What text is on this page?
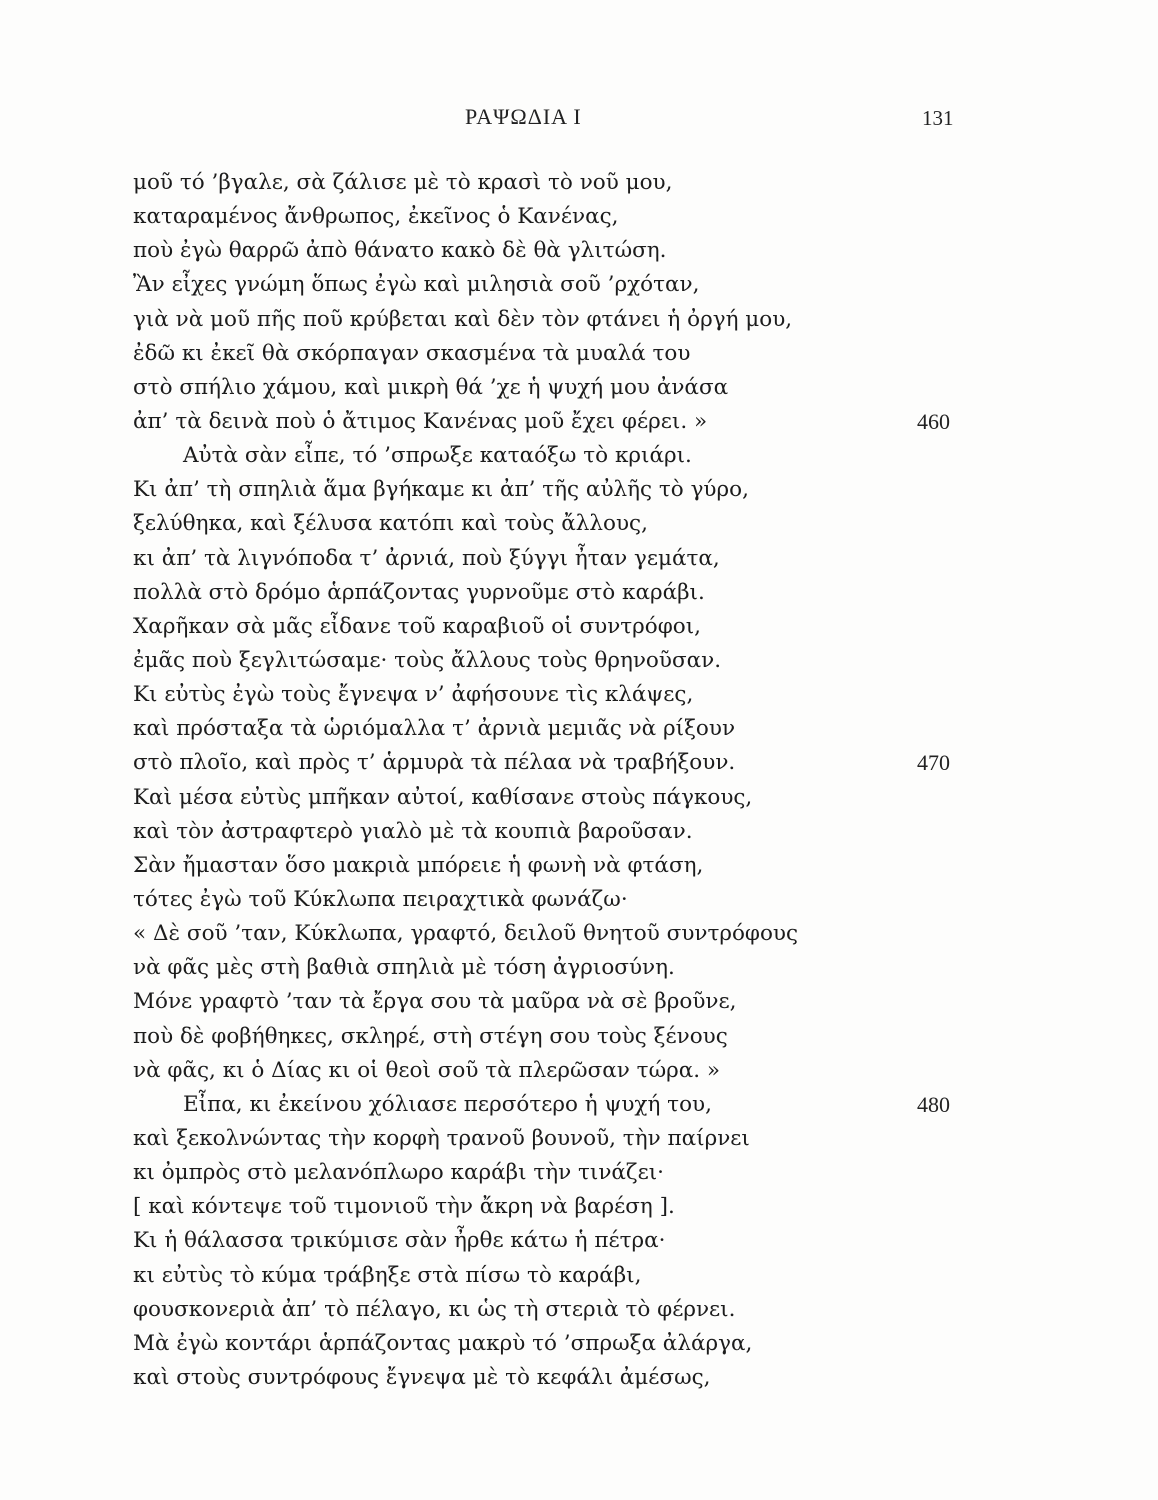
ΡΑΨΩΔΙΑ Ι	131
μοῦ τό ’βγαλε, σὰ ζάλισε μὲ τὸ κρασὶ τὸ νοῦ μου,
καταραμένος ἄνθρωπος, ἐκεῖνος ὁ Κανένας,
ποὺ ἐγὼ θαρρῶ ἀπὸ θάνατο κακὸ δὲ θὰ γλιτώση.
Ἂν εἶχες γνώμη ὅπως ἐγὼ καὶ μιλησιὰ σοῦ ’ρχόταν,
γιὰ νὰ μοῦ πῆς ποῦ κρύβεται καὶ δὲν τὸν φτάνει ἡ ὀργή μου,
ἐδῶ κι ἐκεῖ θὰ σκόρπαγαν σκασμένα τὰ μυαλά του
στὸ σπήλιο χάμου, καὶ μικρὴ θά ’χε ἡ ψυχή μου ἀνάσα
ἀπ’ τὰ δεινὰ ποὺ ὁ ἄτιμος Κανένας μοῦ ἔχει φέρει. »	460
Αὐτὰ σὰν εἶπε, τό ’σπρωξε καταόξω τὸ κριάρι.
Κι ἀπ’ τὴ σπηλιὰ ἅμα βγήκαμε κι ἀπ’ τῆς αὐλῆς τὸ γύρο,
ξελύθηκα, καὶ ξέλυσα κατόπι καὶ τοὺς ἄλλους,
κι ἀπ’ τὰ λιγνόποδα τ’ ἀρνιά, ποὺ ξύγγι ἦταν γεμάτα,
πολλὰ στὸ δρόμο ἁρπάζοντας γυρνοῦμε στὸ καράβι.
Χαρῆκαν σὰ μᾶς εἶδανε τοῦ καραβιοῦ οἱ συντρόφοι,
ἐμᾶς ποὺ ξεγλιτώσαμε· τοὺς ἄλλους τοὺς θρηνοῦσαν.
Κι εὐτὺς ἐγὼ τοὺς ἔγνεψα ν’ ἀφήσουνε τὶς κλάψες,
καὶ πρόσταξα τὰ ὡριόμαλλα τ’ ἀρνιὰ μεμιᾶς νὰ ρίξουν
στὸ πλοῖο, καὶ πρὸς τ’ ἁρμυρὰ τὰ πέλαα νὰ τραβήξουν.	470
Καὶ μέσα εὐτὺς μπῆκαν αὐτοί, καθίσανε στοὺς πάγκους,
καὶ τὸν ἀστραφτερὸ γιαλὸ μὲ τὰ κουπιὰ βαροῦσαν.
Σὰν ἤμασταν ὅσο μακριὰ μπόρειε ἡ φωνὴ νὰ φτάση,
τότες ἐγὼ τοῦ Κύκλωπα πειραχτικὰ φωνάζω·
« Δὲ σοῦ ’ταν, Κύκλωπα, γραφτό, δειλοῦ θνητοῦ συντρόφους
νὰ φᾶς μὲς στὴ βαθιὰ σπηλιὰ μὲ τόση ἀγριοσύνη.
Μόνε γραφτὸ ’ταν τὰ ἔργα σου τὰ μαῦρα νὰ σὲ βροῦνε,
ποὺ δὲ φοβήθηκες, σκληρέ, στὴ στέγη σου τοὺς ξένους
νὰ φᾶς, κι ὁ Δίας κι οἱ θεοὶ σοῦ τὰ πλερῶσαν τώρα. »
Εἶπα, κι ἐκείνου χόλιασε περσότερο ἡ ψυχή του,	480
καὶ ξεκολνώντας τὴν κορφὴ τρανοῦ βουνοῦ, τὴν παίρνει
κι ὀμπρὸς στὸ μελανόπλωρο καράβι τὴν τινάζει·
[ καὶ κόντεψε τοῦ τιμονιοῦ τὴν ἄκρη νὰ βαρέση ].
Κι ἡ θάλασσα τρικύμισε σὰν ἦρθε κάτω ἡ πέτρα·
κι εὐτὺς τὸ κύμα τράβηξε στὰ πίσω τὸ καράβι,
φουσκονεριὰ ἀπ’ τὸ πέλαγο, κι ὡς τὴ στεριὰ τὸ φέρνει.
Μὰ ἐγὼ κοντάρι ἁρπάζοντας μακρὺ τό ’σπρωξα ἀλάργα,
καὶ στοὺς συντρόφους ἔγνεψα μὲ τὸ κεφάλι ἀμέσως,
